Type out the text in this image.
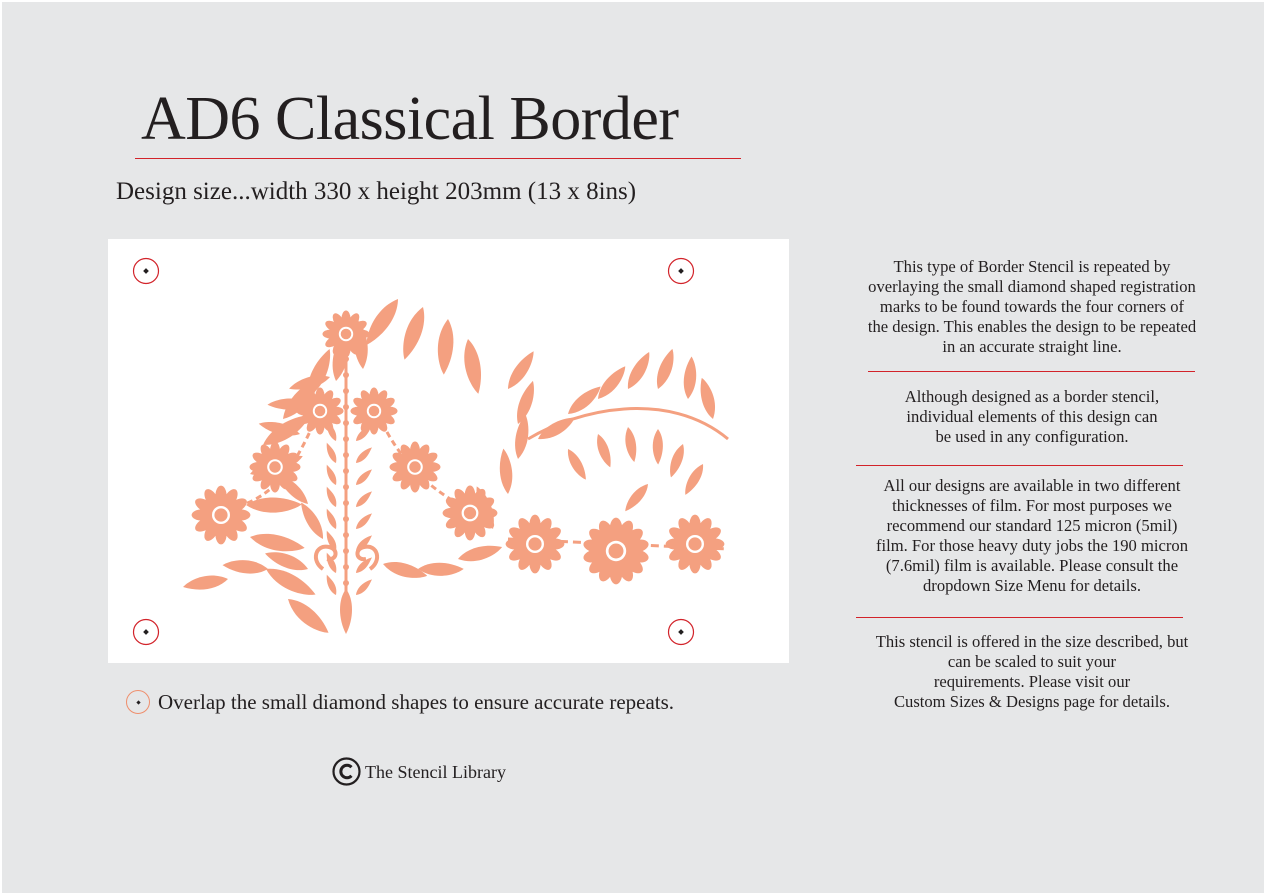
AD6 Classical Border
Design size...width 330 x height 203mm (13 x 8ins)
Overlap the small diamond shapes to ensure accurate repeats.
The Stencil Library

This type of Border Stencil is repeated by

overlaying the small diamond shaped registration

marks to be found towards the four corners of

the design. This enables the design to be repeated

in an accurate straight line.

Although designed as a border stencil,

individual elements of this design can

be used in any configuration.

All our designs are available in two different

thicknesses of film. For most purposes we

recommend our standard 125 micron (5mil)

film. For those heavy duty jobs the 190 micron

(7.6mil) film is available. Please consult the

dropdown Size Menu for details.

This stencil is offered in the size described, but

can be scaled to suit your

requirements. Please visit our

Custom Sizes & Designs page for details.
